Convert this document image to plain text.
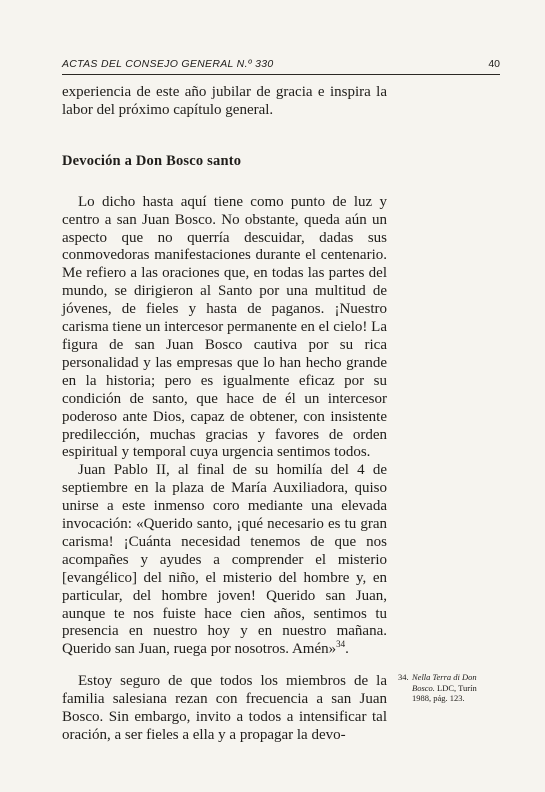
ACTAS DEL CONSEJO GENERAL N.º 330	40

experiencia de este año jubilar de gracia e inspira la labor del próximo capítulo general.

Devoción a Don Bosco santo

Lo dicho hasta aquí tiene como punto de luz y centro a san Juan Bosco. No obstante, queda aún un aspecto que no querría descuidar, dadas sus conmovedoras manifestaciones durante el centenario. Me refiero a las oraciones que, en todas las partes del mundo, se dirigieron al Santo por una multitud de jóvenes, de fieles y hasta de paganos. ¡Nuestro carisma tiene un intercesor permanente en el cielo! La figura de san Juan Bosco cautiva por su rica personalidad y las empresas que lo han hecho grande en la historia; pero es igualmente eficaz por su condición de santo, que hace de él un intercesor poderoso ante Dios, capaz de obtener, con insistente predilección, muchas gracias y favores de orden espiritual y temporal cuya urgencia sentimos todos.

Juan Pablo II, al final de su homilía del 4 de septiembre en la plaza de María Auxiliadora, quiso unirse a este inmenso coro mediante una elevada invocación: «Querido santo, ¡qué necesario es tu gran carisma! ¡Cuánta necesidad tenemos de que nos acompañes y ayudes a comprender el misterio [evangélico] del niño, el misterio del hombre y, en particular, del hombre joven! Querido san Juan, aunque te nos fuiste hace cien años, sentimos tu presencia en nuestro hoy y en nuestro mañana. Querido san Juan, ruega por nosotros. Amén»$^{34}$.

Estoy seguro de que todos los miembros de la familia salesiana rezan con frecuencia a san Juan Bosco. Sin embargo, invito a todos a intensificar tal oración, a ser fieles a ella y a propagar la devo-

34. Nella Terra di Don Bosco. LDC, Turín 1988, pág. 123.
